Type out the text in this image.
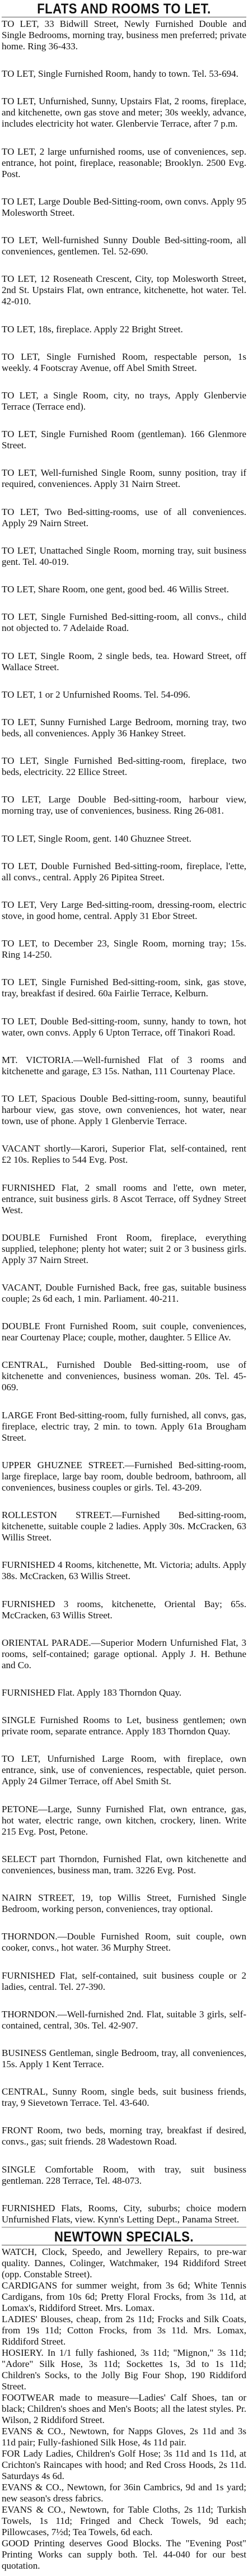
FLATS AND ROOMS TO LET.

TO LET, 33 Bidwill Street, Newly Furnished Double and Single Bedrooms, morning tray, business men preferred; private home. Ring 36-433.

TO LET, Single Furnished Room, handy to town. Tel. 53-694.

TO LET, Unfurnished, Sunny, Upstairs Flat, 2 rooms, fireplace, and kitchenette, own gas stove and meter; 30s weekly, advance, includes electricity hot water. Glenbervie Terrace, after 7 p.m.

TO LET, 2 large unfurnished rooms, use of conveniences, sep. entrance, hot point, fireplace, reasonable; Brooklyn. 2500 Evg. Post.

TO LET, Large Double Bed-Sitting-room, own convs. Apply 95 Molesworth Street.

TO LET, Well-furnished Sunny Double Bed-sitting-room, all conveniences, gentlemen. Tel. 52-690.

TO LET, 12 Roseneath Crescent, City, top Molesworth Street, 2nd St. Upstairs Flat, own entrance, kitchenette, hot water. Tel. 42-010.

TO LET, 18s, fireplace. Apply 22 Bright Street.

TO LET, Single Furnished Room, respectable person, 1s weekly. 4 Footscray Avenue, off Abel Smith Street.

TO LET, a Single Room, city, no trays, Apply Glenbervie Terrace (Terrace end).

TO LET, Single Furnished Room (gentleman). 166 Glenmore Street.

TO LET, Well-furnished Single Room, sunny position, tray if required, conveniences. Apply 31 Nairn Street.

TO LET, Two Bed-sitting-rooms, use of all conveniences. Apply 29 Nairn Street.

TO LET, Unattached Single Room, morning tray, suit business gent. Tel. 40-019.

TO LET, Share Room, one gent, good bed. 46 Willis Street.

TO LET, Single Furnished Bed-sitting-room, all convs., child not objected to. 7 Adelaide Road.

TO LET, Single Room, 2 single beds, tea. Howard Street, off Wallace Street.

TO LET, 1 or 2 Unfurnished Rooms. Tel. 54-096.

TO LET, Sunny Furnished Large Bedroom, morning tray, two beds, all conveniences. Apply 36 Hankey Street.

TO LET, Single Furnished Bed-sitting-room, fireplace, two beds, electricity. 22 Ellice Street.

TO LET, Large Double Bed-sitting-room, harbour view, morning tray, use of conveniences, business. Ring 26-081.

TO LET, Single Room, gent. 140 Ghuznee Street.

TO LET, Double Furnished Bed-sitting-room, fireplace, l'ette, all convs., central. Apply 26 Pipitea Street.

TO LET, Very Large Bed-sitting-room, dressing-room, electric stove, in good home, central. Apply 31 Ebor Street.

TO LET, to December 23, Single Room, morning tray; 15s. Ring 14-250.

TO LET, Single Furnished Bed-sitting-room, sink, gas stove, tray, breakfast if desired. 60a Fairlie Terrace, Kelburn.

TO LET, Double Bed-sitting-room, sunny, handy to town, hot water, own convs. Apply 6 Upton Terrace, off Tinakori Road.

MT. VICTORIA.—Well-furnished Flat of 3 rooms and kitchenette and garage, £3 15s. Nathan, 111 Courtenay Place.

TO LET, Spacious Double Bed-sitting-room, sunny, beautiful harbour view, gas stove, own conveniences, hot water, near town, use of phone. Apply 1 Glenbervie Terrace.

VACANT shortly—Karori, Superior Flat, self-contained, rent £2 10s. Replies to 544 Evg. Post.

FURNISHED Flat, 2 small rooms and l'ette, own meter, entrance, suit business girls. 8 Ascot Terrace, off Sydney Street West.

DOUBLE Furnished Front Room, fireplace, everything supplied, telephone; plenty hot water; suit 2 or 3 business girls. Apply 37 Nairn Street.

VACANT, Double Furnished Back, free gas, suitable business couple; 2s 6d each, 1 min. Parliament. 40-211.

DOUBLE Front Furnished Room, suit couple, conveniences, near Courtenay Place; couple, mother, daughter. 5 Ellice Av.

CENTRAL, Furnished Double Bed-sitting-room, use of kitchenette and conveniences, business woman. 20s. Tel. 45-069.

LARGE Front Bed-sitting-room, fully furnished, all convs, gas, fireplace, electric tray, 2 min. to town. Apply 61a Brougham Street.

UPPER GHUZNEE STREET.—Furnished Bed-sitting-room, large fireplace, large bay room, double bedroom, bathroom, all conveniences, business couples or girls. Tel. 43-209.

ROLLESTON STREET.—Furnished Bed-sitting-room, kitchenette, suitable couple 2 ladies. Apply 30s. McCracken, 63 Willis Street.

FURNISHED 4 Rooms, kitchenette, Mt. Victoria; adults. Apply 38s. McCracken, 63 Willis Street.

FURNISHED 3 rooms, kitchenette, Oriental Bay; 65s. McCracken, 63 Willis Street.

ORIENTAL PARADE.—Superior Modern Unfurnished Flat, 3 rooms, self-contained; garage optional. Apply J. H. Bethune and Co.

FURNISHED Flat. Apply 183 Thorndon Quay.

SINGLE Furnished Rooms to Let, business gentlemen; own private room, separate entrance. Apply 183 Thorndon Quay.

TO LET, Unfurnished Large Room, with fireplace, own entrance, sink, use of conveniences, respectable, quiet person. Apply 24 Gilmer Terrace, off Abel Smith St.

PETONE—Large, Sunny Furnished Flat, own entrance, gas, hot water, electric range, own kitchen, crockery, linen. Write 215 Evg. Post, Petone.

SELECT part Thorndon, Furnished Flat, own kitchenette and conveniences, business man, tram. 3226 Evg. Post.

NAIRN STREET, 19, top Willis Street, Furnished Single Bedroom, working person, conveniences, tray optional.

THORNDON.—Double Furnished Room, suit couple, own cooker, convs., hot water. 36 Murphy Street.

FURNISHED Flat, self-contained, suit business couple or 2 ladies, central. Tel. 27-390.

THORNDON.—Well-furnished 2nd. Flat, suitable 3 girls, self-contained, central, 30s. Tel. 42-907.

BUSINESS Gentleman, single Bedroom, tray, all conveniences, 15s. Apply 1 Kent Terrace.

CENTRAL, Sunny Room, single beds, suit business friends, tray, 9 Sievetown Terrace. Tel. 43-640.

FRONT Room, two beds, morning tray, breakfast if desired, convs., gas; suit friends. 28 Wadestown Road.

SINGLE Comfortable Room, with tray, suit business gentleman. 228 Terrace, Tel. 48-073.

FURNISHED Flats, Rooms, City, suburbs; choice modern Unfurnished Flats, view. Kynn's Letting Dept., Panama Street.

NEWTOWN SPECIALS.

WATCH, Clock, Speedo, and Jewellery Repairs, to pre-war quality. Dannes, Colinger, Watchmaker, 194 Riddiford Street (opp. Constable Street).

CARDIGANS for summer weight, from 3s 6d; White Tennis Cardigans, from 10s 6d; Pretty Floral Frocks, from 3s 11d, at Lomax's, Riddiford Street. Mrs. Lomax.

LADIES' Blouses, cheap, from 2s 11d; Frocks and Silk Coats, from 19s 11d; Cotton Frocks, from 3s 11d. Mrs. Lomax, Riddiford Street.

HOSIERY. In 1/1 fully fashioned, 3s 11d; "Mignon," 3s 11d; "Adore" Silk Hose, 3s 11d; Sockettes 1s, 3d to 1s 11d; Children's Socks, to the Jolly Big Four Shop, 190 Riddiford Street.

FOOTWEAR made to measure—Ladies' Calf Shoes, tan or black; Children's shoes and Men's Boots; all the latest styles. Pr. Wilson, 2 Riddiford Street.

EVANS & CO., Newtown, for Napps Gloves, 2s 11d and 3s 11d pair; Fully-fashioned Silk Hose, 4s 11d pair.

FOR Lady Ladies, Children's Golf Hose; 3s 11d and 1s 11d, at Crichton's Raincapes with hood; and Red Cross Hoods, 2s 11d. Saturdays 4s 6d.

EVANS & CO., Newtown, for 36in Cambrics, 9d and 1s yard; new season's dress fabrics.

EVANS & CO., Newtown, for Table Cloths, 2s 11d; Turkish Towels, 1s 11d; Fringed and Check Towels, 9d each; Pillowcases, 7½d; Tea Towels, 6d each.

GOOD Printing deserves Good Blocks. The "Evening Post" Printing Works can supply both. Tel. 44-040 for our best quotation.
